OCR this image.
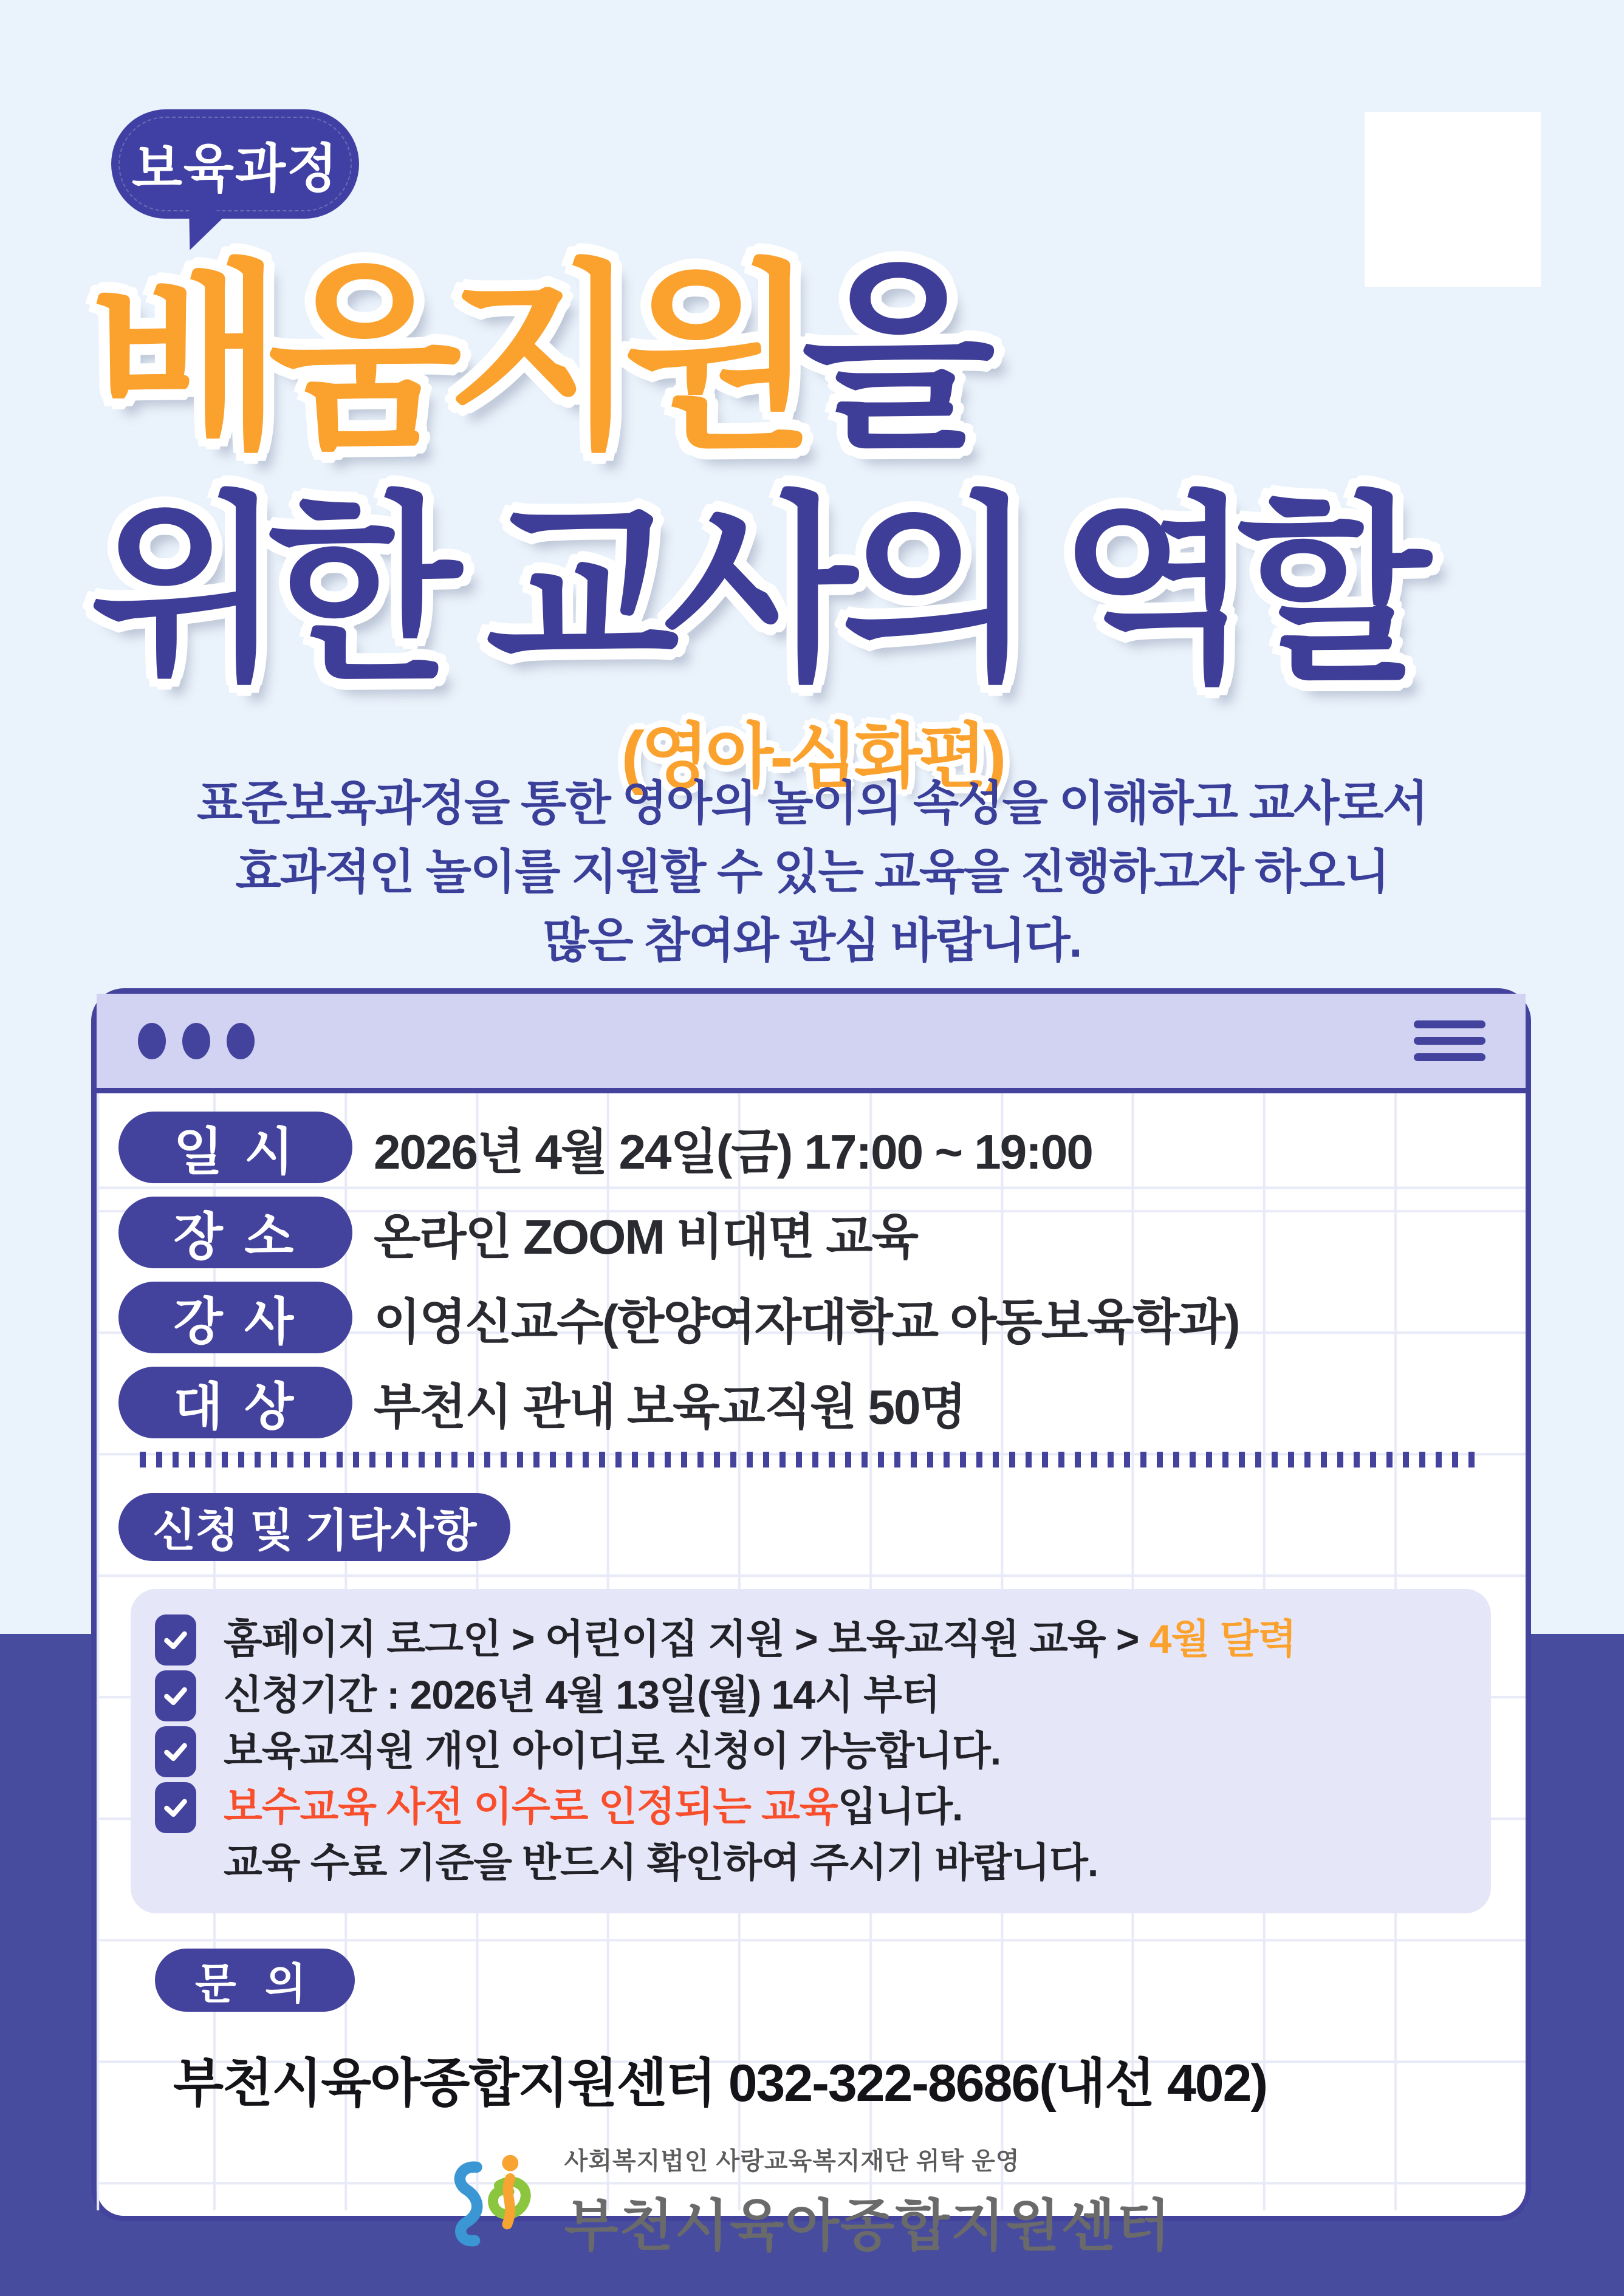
보육과정
배움지원을
위한 교사의 역할
(영아-심화편)
표준보육과정을 통한 영아의 놀이의 속성을 이해하고 교사로서
효과적인 놀이를 지원할 수 있는 교육을 진행하고자 하오니
많은 참여와 관심 바랍니다.
일 시	2026년 4월 24일(금) 17:00 ~ 19:00
장 소	온라인 ZOOM 비대면 교육
강 사	이영신교수(한양여자대학교 아동보육학과)
대 상	부천시 관내 보육교직원 50명
신청 및 기타사항
홈페이지 로그인 > 어린이집 지원 > 보육교직원 교육 > 4월 달력
신청기간 : 2026년 4월 13일(월) 14시 부터
보육교직원 개인 아이디로 신청이 가능합니다.
보수교육 사전 이수로 인정되는 교육입니다.
교육 수료 기준을 반드시 확인하여 주시기 바랍니다.
문 의
부천시육아종합지원센터 032-322-8686(내선 402)
사회복지법인 사랑교육복지재단 위탁 운영
부천시육아종합지원센터
